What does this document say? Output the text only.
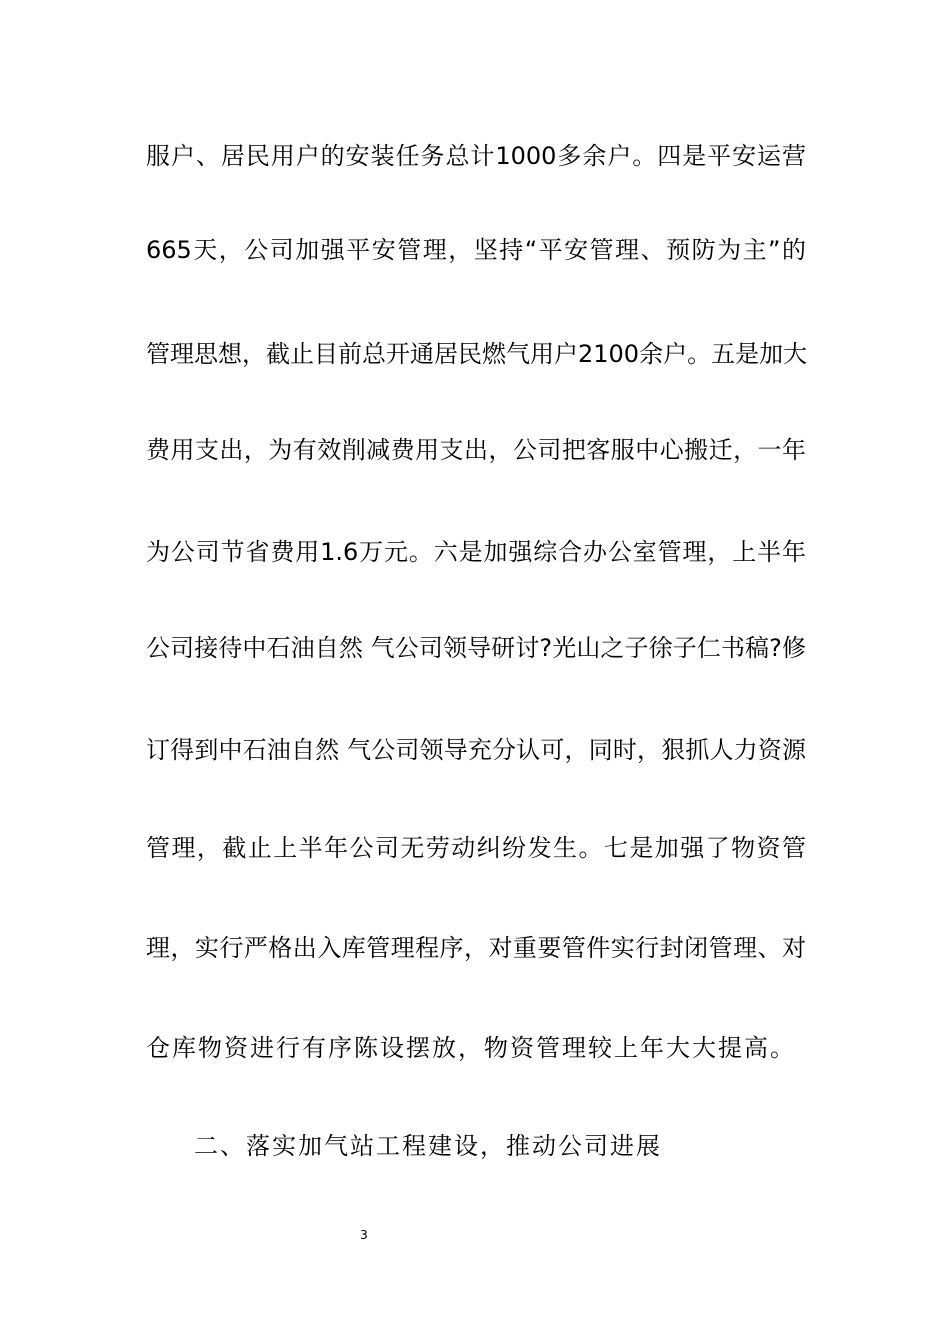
服户、居民用户的安装任务总计1000多余户。四是平安运营
665天，公司加强平安管理，坚持“平安管理、预防为主”的
管理思想，截止目前总开通居民燃气用户2100余户。五是加大
费用支出，为有效削减费用支出，公司把客服中心搬迁，一年
为公司节省费用1.6万元。六是加强综合办公室管理，上半年
公司接待中石油自然 气公司领导研讨?光山之子徐子仁书稿?修
订得到中石油自然 气公司领导充分认可，同时，狠抓人力资源
管理，截止上半年公司无劳动纠纷发生。七是加强了物资管
理，实行严格出入库管理程序，对重要管件实行封闭管理、对
仓库物资进行有序陈设摆放，物资管理较上年大大提高。
二、落实加气站工程建设，推动公司进展
3
